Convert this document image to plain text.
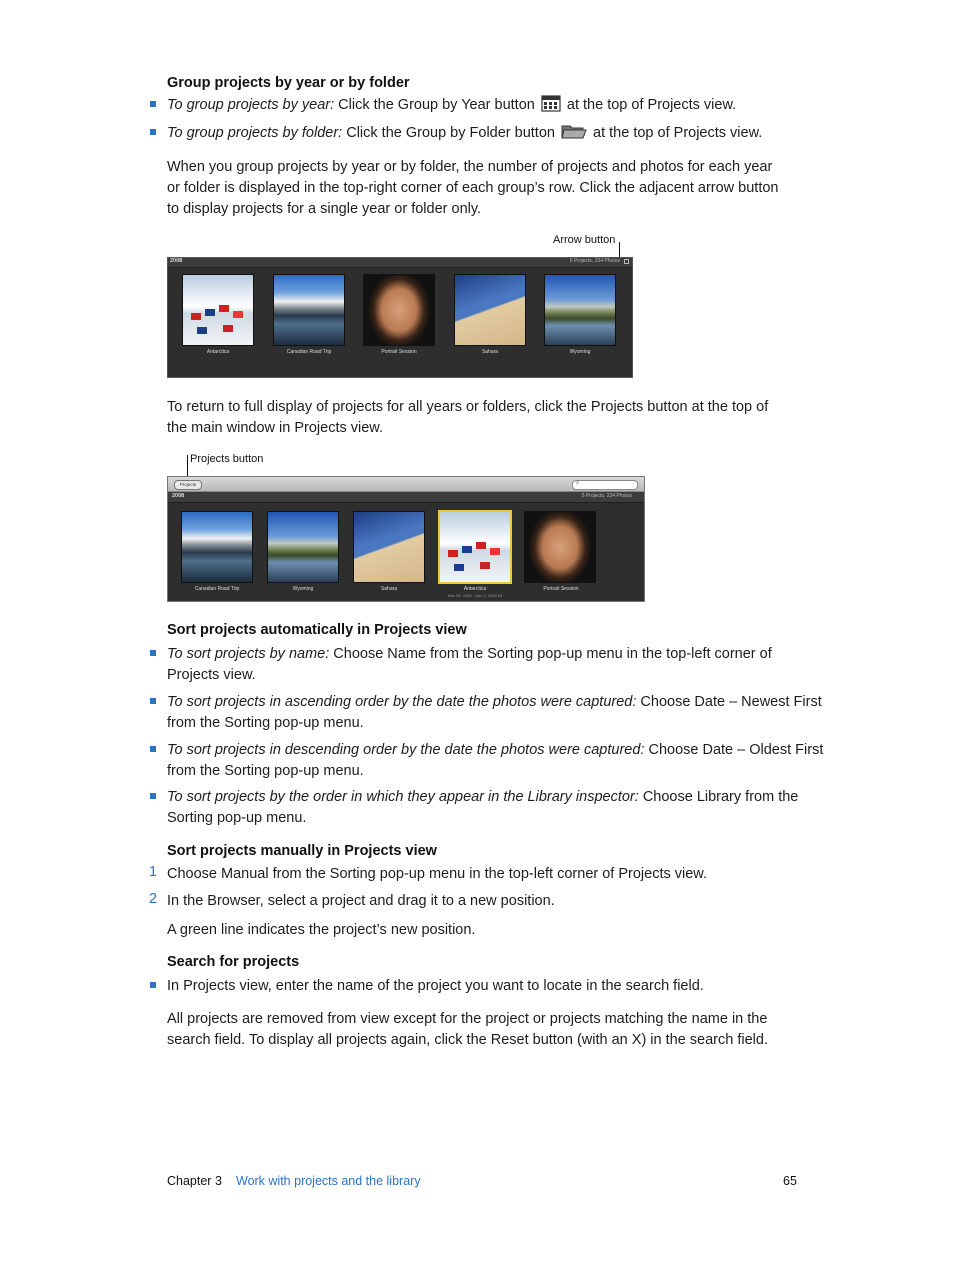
Group projects by year or by folder
To group projects by year: Click the Group by Year button at the top of Projects view.
To group projects by folder: Click the Group by Folder button	at the top of Projects view.
When you group projects by year or by folder, the number of projects and photos for each year
or folder is displayed in the top-right corner of each group’s row. Click the adjacent arrow button
to display projects for a single year or folder only.
Arrow button
2008	5 Projects, 234 Photos
Antarctica	Canadian Road Trip	Portrait Session	Sahara	Wyoming
To return to full display of projects for all years or folders, click the Projects button at the top of
the main window in Projects view.
Projects button
Projects	⌕
2008	5 Projects, 234 Photos
Canadian Road Trip	Wyoming	Sahara	Antarctica
Nov 26, 2008 - Dec 1, 2008 63
Portrait Session
Sort projects automatically in Projects view
To sort projects by name: Choose Name from the Sorting pop-up menu in the top-left corner of
Projects view.
To sort projects in ascending order by the date the photos were captured: Choose Date – Newest First
from the Sorting pop-up menu.
To sort projects in descending order by the date the photos were captured: Choose Date – Oldest First
from the Sorting pop-up menu.
To sort projects by the order in which they appear in the Library inspector: Choose Library from the
Sorting pop-up menu.
Sort projects manually in Projects view
1 Choose Manual from the Sorting pop-up menu in the top-left corner of Projects view.
2 In the Browser, select a project and drag it to a new position.
A green line indicates the project’s new position.
Search for projects
In Projects view, enter the name of the project you want to locate in the search field.
All projects are removed from view except for the project or projects matching the name in the
search field. To display all projects again, click the Reset button (with an X) in the search field.
Chapter 3 Work with projects and the library	65
